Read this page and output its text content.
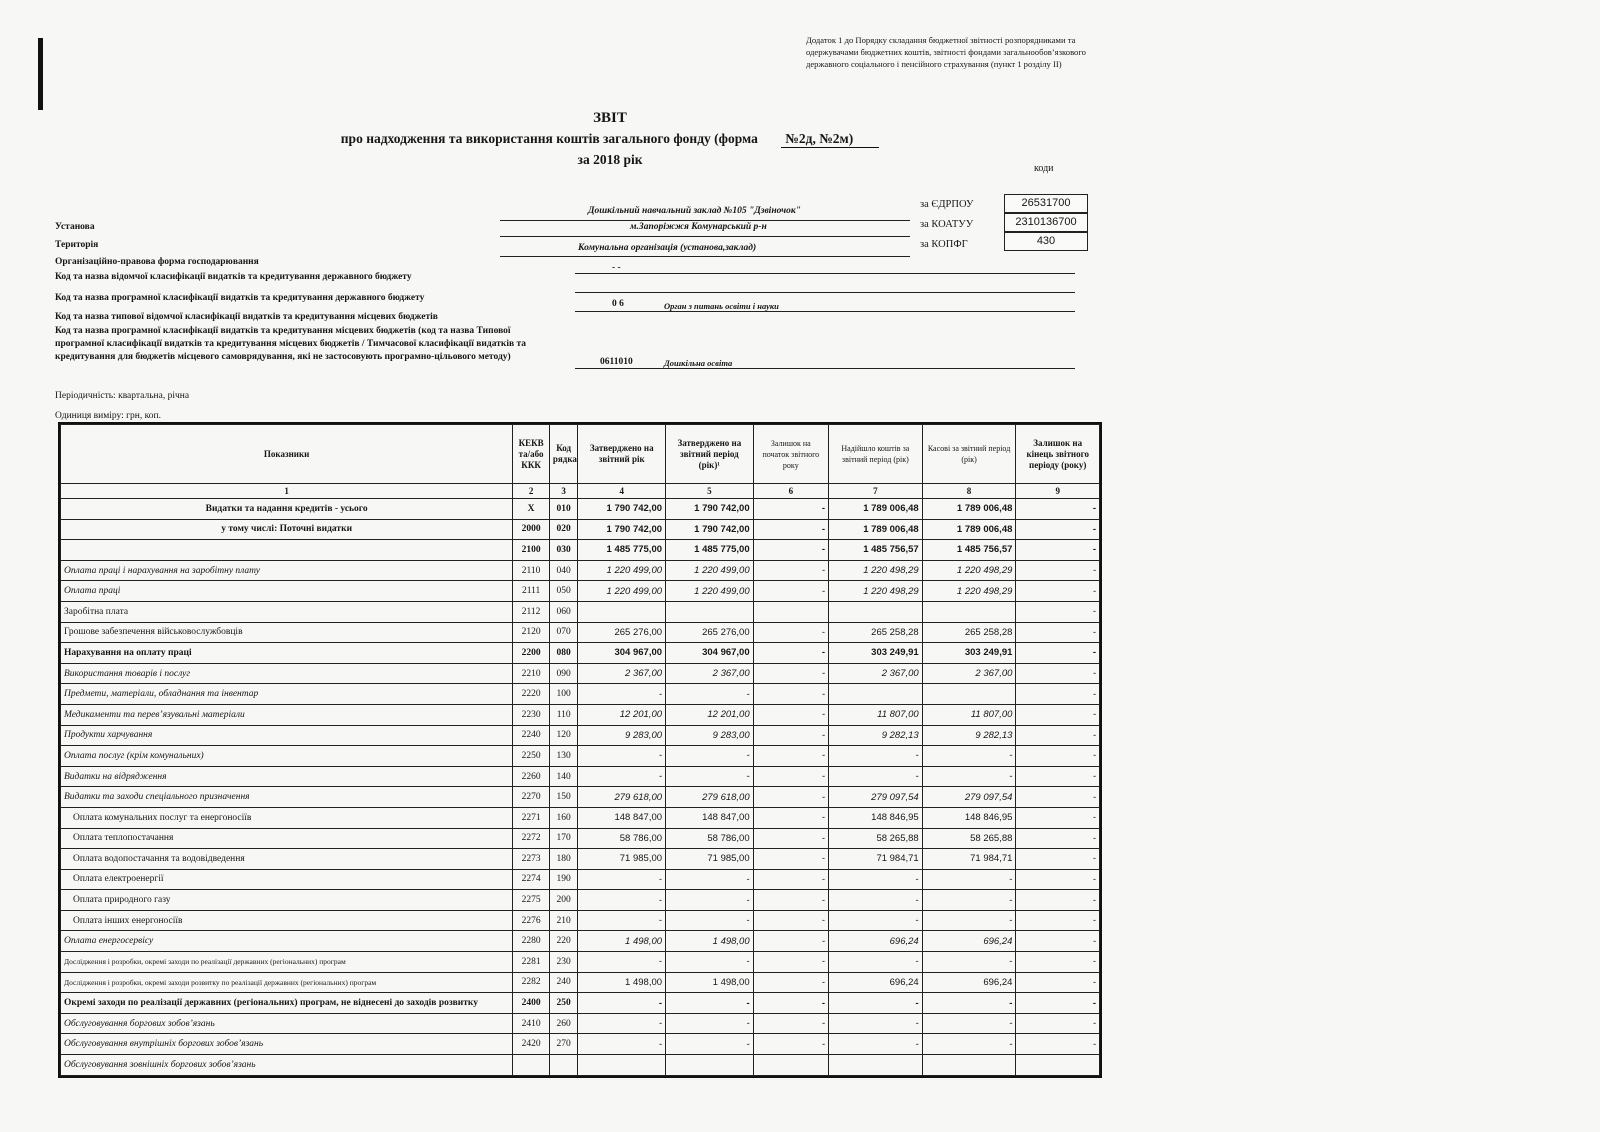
Додаток 1 до Порядку складання бюджетної звітності розпорядниками та одержувачами бюджетних коштів, звітності фондами загальнообов’язкового державного соціального і пенсійного страхування (пункт 1 розділу II)
ЗВІТ
про надходження та використання коштів загального фонду (форма №2д, №2м)
за 2018 рік
коди
за ЄДРПОУ	26531700
за КОАТУУ	2310136700
за КОПФГ	430
Дошкільний навчальний заклад №105 "Дзвіночок"
Установа	м.Запоріжжя Комунарський р-н
Територія	Комунальна організація (установа,заклад)
Організаційно-правова форма господарювання
- -
Код та назва відомчої класифікації видатків та кредитування державного бюджету
Код та назва програмної класифікації видатків та кредитування державного бюджету
0 6	Орган з питань освіти і науки
Код та назва типової відомчої класифікації видатків та кредитування місцевих бюджетів
Код та назва програмної класифікації видатків та кредитування місцевих бюджетів (код та назва Типової програмної класифікації видатків та кредитування місцевих бюджетів / Тимчасової класифікації видатків та кредитування для бюджетів місцевого самоврядування, які не застосовують програмно-цільового методу)	0611010	Дошкільна освіта
Періодичність: квартальна, річна
Одиниця виміру: грн, коп.
Показники	КЕКВ та/або ККК	Код рядка	Затверджено на звітний рік	Затверджено на звітний період (рік)¹	Залишок на початок звітного року	Надійшло коштів за звітний період (рік)	Касові за звітний період (рік)	Залишок на кінець звітного періоду (року)
1	2	3	4	5	6	7	8	9
Видатки та надання кредитів - усього	X	010	1 790 742,00	1 790 742,00	-	1 789 006,48	1 789 006,48	-
у тому числі: Поточні видатки	2000	020	1 790 742,00	1 790 742,00	-	1 789 006,48	1 789 006,48	-
	2100	030	1 485 775,00	1 485 775,00	-	1 485 756,57	1 485 756,57	-
Оплата праці і нарахування на заробітну плату	2110	040	1 220 499,00	1 220 499,00	-	1 220 498,29	1 220 498,29	-
Оплата праці	2111	050	1 220 499,00	1 220 499,00	-	1 220 498,29	1 220 498,29	-
Заробітна плата	2112	060						-
Грошове забезпечення військовослужбовців	2120	070	265 276,00	265 276,00	-	265 258,28	265 258,28	-
Нарахування на оплату праці	2200	080	304 967,00	304 967,00	-	303 249,91	303 249,91	-
Використання товарів і послуг	2210	090	2 367,00	2 367,00	-	2 367,00	2 367,00	-
Предмети, матеріали, обладнання та інвентар	2220	100	-	-	-			-
Медикаменти та перев’язувальні матеріали	2230	110	12 201,00	12 201,00	-	11 807,00	11 807,00	-
Продукти харчування	2240	120	9 283,00	9 283,00	-	9 282,13	9 282,13	-
Оплата послуг (крім комунальних)	2250	130	-	-	-	-	-	-
Видатки на відрядження	2260	140	-	-	-	-	-	-
Видатки та заходи спеціального призначення	2270	150	279 618,00	279 618,00	-	279 097,54	279 097,54	-
Оплата комунальних послуг та енергоносіїв	2271	160	148 847,00	148 847,00	-	148 846,95	148 846,95	-
Оплата теплопостачання	2272	170	58 786,00	58 786,00	-	58 265,88	58 265,88	-
Оплата водопостачання та водовідведення	2273	180	71 985,00	71 985,00	-	71 984,71	71 984,71	-
Оплата електроенергії	2274	190	-	-	-	-	-	-
Оплата природного газу	2275	200	-	-	-	-	-	-
Оплата інших енергоносіїв	2276	210	-	-	-	-	-	-
Оплата енергосервісу	2280	220	1 498,00	1 498,00	-	696,24	696,24	-
Дослідження і розробки, окремі заходи по реалізації державних (регіональних) програм	2281	230	-	-	-	-	-	-
Дослідження і розробки, окремі заходи розвитку по реалізації державних (регіональних) програм	2282	240	1 498,00	1 498,00	-	696,24	696,24	-
Окремі заходи по реалізації державних (регіональних) програм, не віднесені до заходів розвитку	2400	250	-	-	-	-	-	-
Обслуговування боргових зобов’язань	2410	260	-	-	-	-	-	-
Обслуговування внутрішніх боргових зобов’язань	2420	270	-	-	-	-	-	-
Обслуговування зовнішніх боргових зобов’язань								
